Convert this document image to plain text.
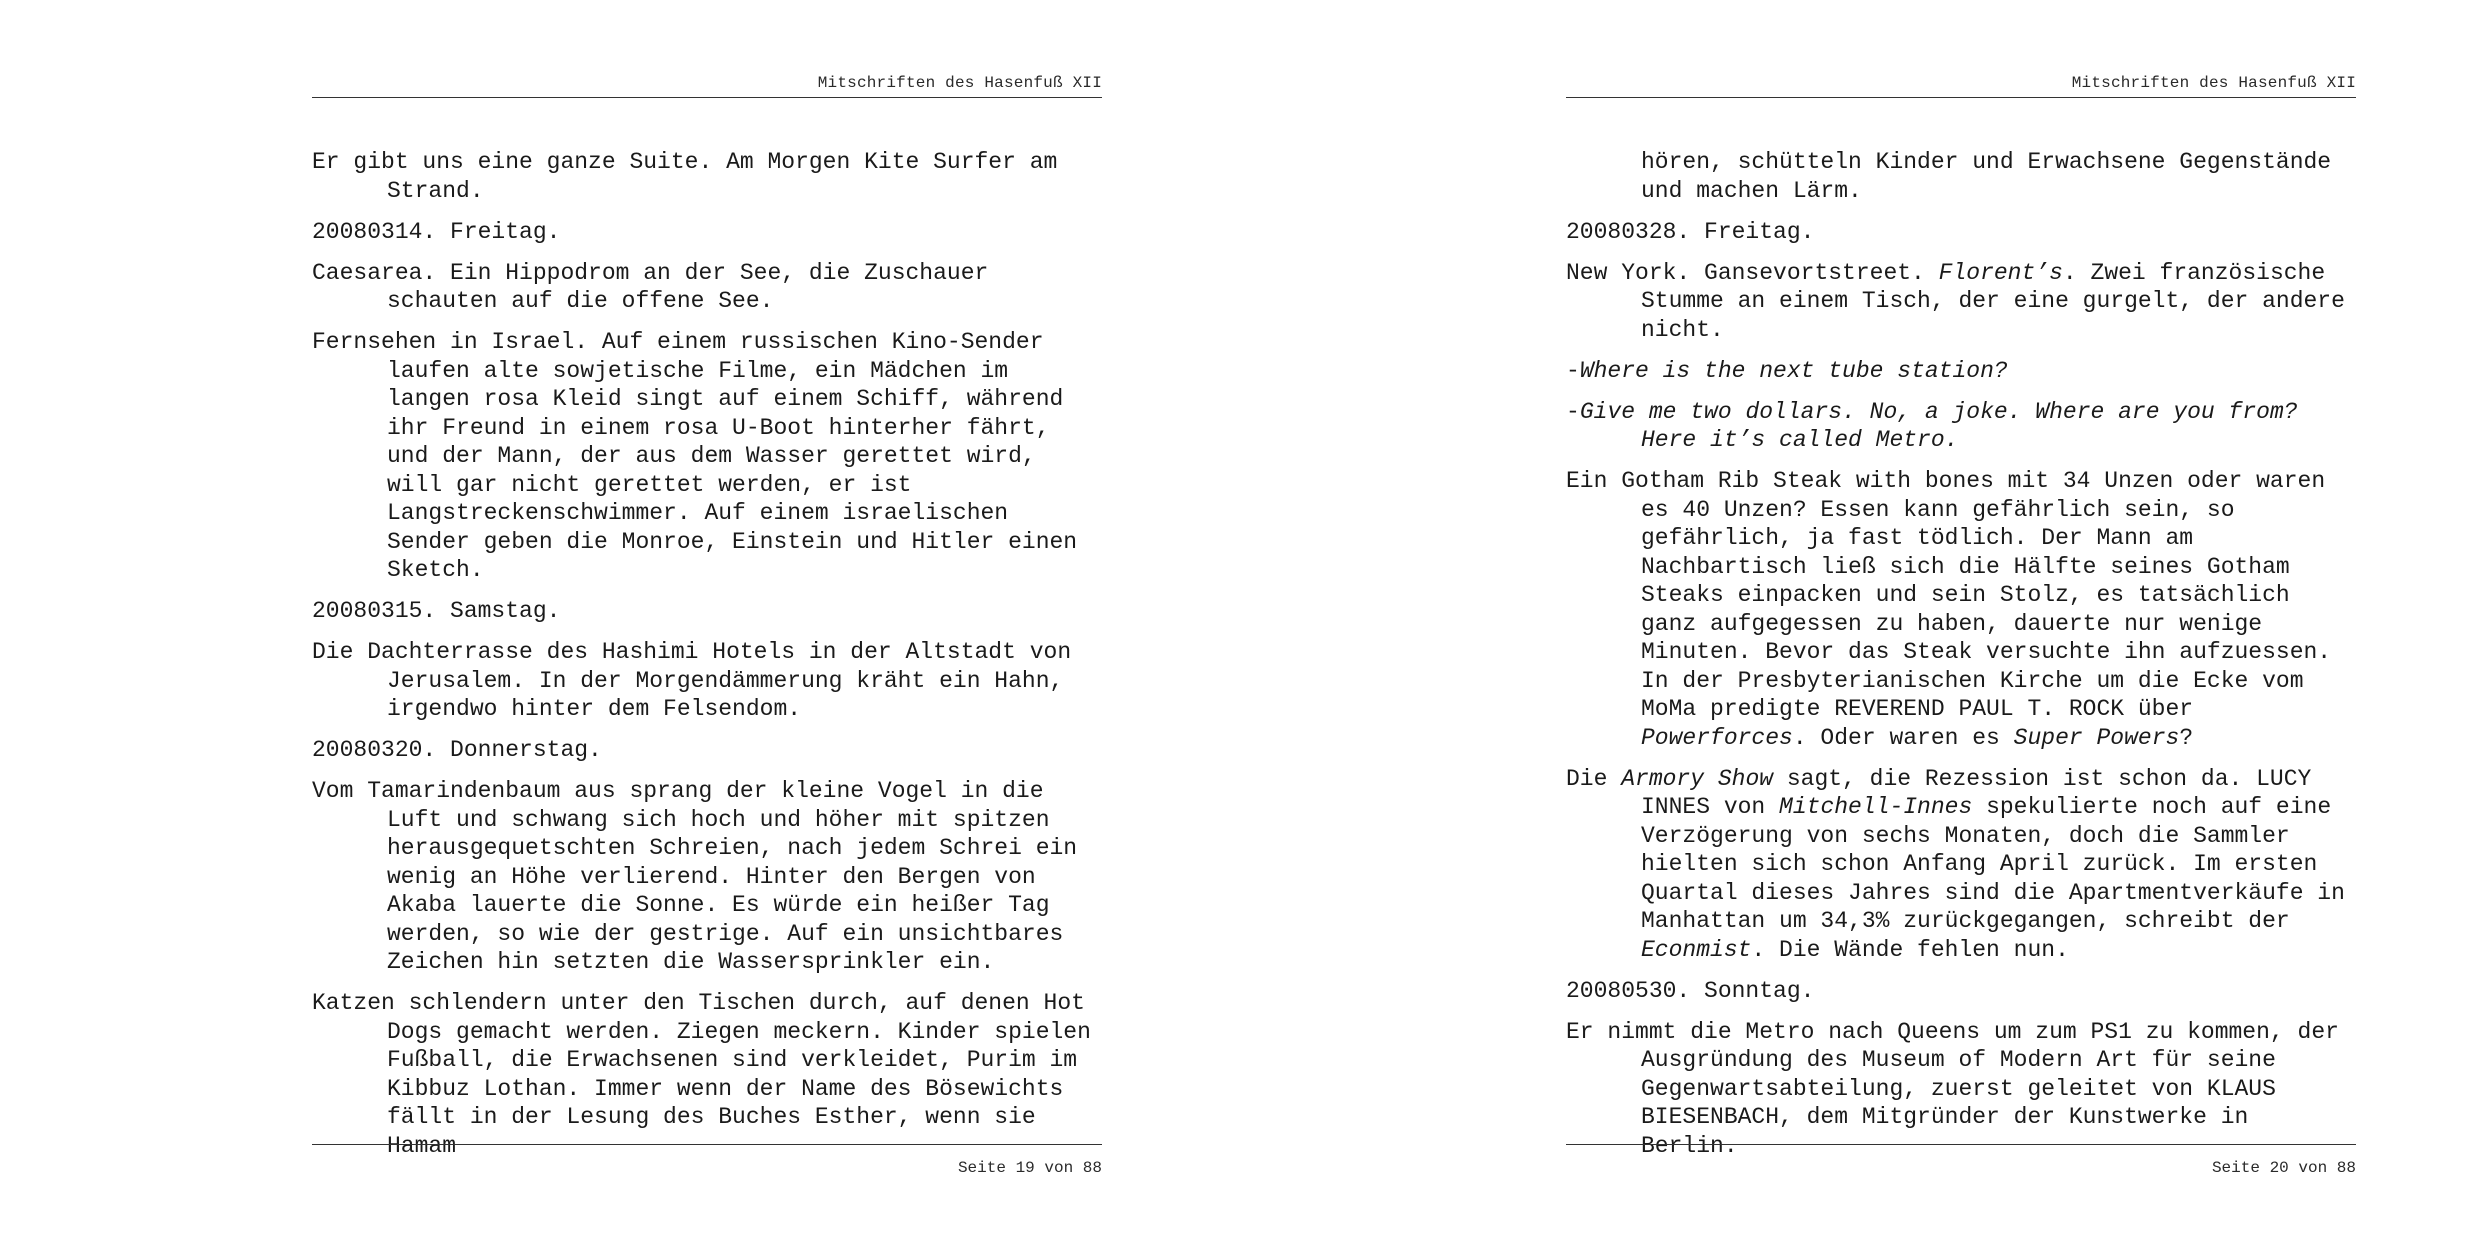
Mitschriften des Hasenfuß XII

Er gibt uns eine ganze Suite. Am Morgen Kite Surfer am Strand.

20080314. Freitag.

Caesarea. Ein Hippodrom an der See, die Zuschauer schauten auf die offene See.

Fernsehen in Israel. Auf einem russischen Kino-Sender laufen alte sowjetische Filme, ein Mädchen im langen rosa Kleid singt auf einem Schiff, während ihr Freund in einem rosa U-Boot hinterher fährt, und der Mann, der aus dem Wasser gerettet wird, will gar nicht gerettet werden, er ist Langstreckenschwimmer. Auf einem israelischen Sender geben die Monroe, Einstein und Hitler einen Sketch.

20080315. Samstag.

Die Dachterrasse des Hashimi Hotels in der Altstadt von Jerusalem. In der Morgendämmerung kräht ein Hahn, irgendwo hinter dem Felsendom.

20080320. Donnerstag.

Vom Tamarindenbaum aus sprang der kleine Vogel in die Luft und schwang sich hoch und höher mit spitzen herausgequetschten Schreien, nach jedem Schrei ein wenig an Höhe verlierend. Hinter den Bergen von Akaba lauerte die Sonne. Es würde ein heißer Tag werden, so wie der gestrige. Auf ein unsichtbares Zeichen hin setzten die Wassersprinkler ein.

Katzen schlendern unter den Tischen durch, auf denen Hot Dogs gemacht werden. Ziegen meckern. Kinder spielen Fußball, die Erwachsenen sind verkleidet, Purim im Kibbuz Lothan. Immer wenn der Name des Bösewichts fällt in der Lesung des Buches Esther, wenn sie Hamam

Seite 19 von 88
Mitschriften des Hasenfuß XII

hören, schütteln Kinder und Erwachsene Gegenstände und machen Lärm.

20080328. Freitag.

New York. Gansevortstreet. Florent’s. Zwei französische Stumme an einem Tisch, der eine gurgelt, der andere nicht.

-Where is the next tube station?

-Give me two dollars. No, a joke. Where are you from? Here it’s called Metro.

Ein Gotham Rib Steak with bones mit 34 Unzen oder waren es 40 Unzen? Essen kann gefährlich sein, so gefährlich, ja fast tödlich. Der Mann am Nachbartisch ließ sich die Hälfte seines Gotham Steaks einpacken und sein Stolz, es tatsächlich ganz aufgegessen zu haben, dauerte nur wenige Minuten. Bevor das Steak versuchte ihn aufzuessen. In der Presbyterianischen Kirche um die Ecke vom MoMa predigte REVEREND PAUL T. ROCK über Powerforces. Oder waren es Super Powers?

Die Armory Show sagt, die Rezession ist schon da. LUCY INNES von Mitchell-Innes spekulierte noch auf eine Verzögerung von sechs Monaten, doch die Sammler hielten sich schon Anfang April zurück. Im ersten Quartal dieses Jahres sind die Apartmentverkäufe in Manhattan um 34,3% zurückgegangen, schreibt der Econmist. Die Wände fehlen nun.

20080530. Sonntag.

Er nimmt die Metro nach Queens um zum PS1 zu kommen, der Ausgründung des Museum of Modern Art für seine Gegenwartsabteilung, zuerst geleitet von KLAUS BIESENBACH, dem Mitgründer der Kunstwerke in Berlin.

Seite 20 von 88
